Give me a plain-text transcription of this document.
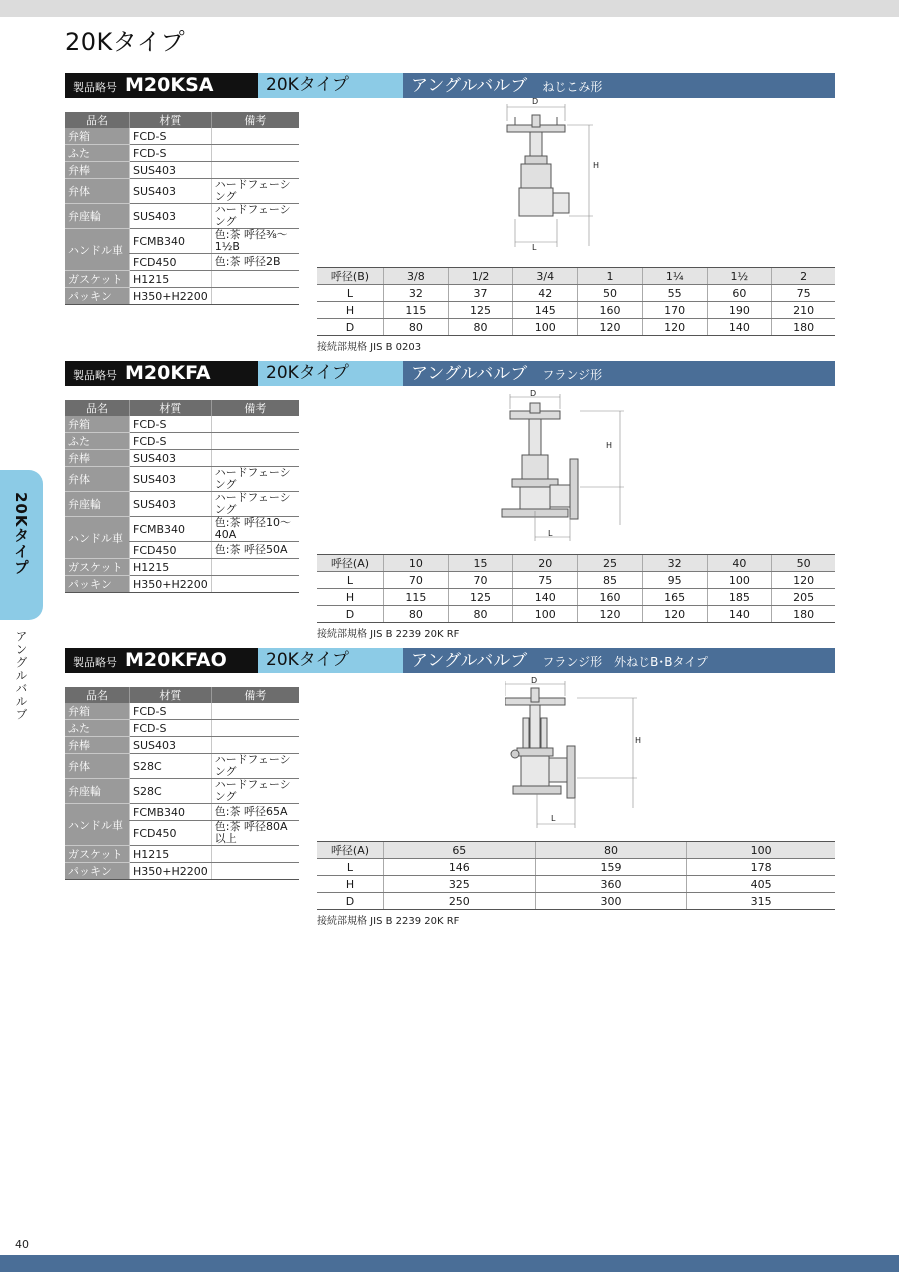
20Kタイプ
20Kタイプ
アングルバルブ
製品略号 M20KSA	20Kタイプ	アングルバルブ ねじこみ形
品名	材質	備考
弁箱	FCD-S	
ふた	FCD-S	
弁棒	SUS403	
弁体	SUS403	ハードフェーシング
弁座輪	SUS403	ハードフェーシング
ハンドル車	FCMB340	色:茶 呼径⅜～1½B
	FCD450	色:茶 呼径2B
ガスケット	H1215	
パッキン	H350+H2200	
D
H
L
呼径(B)	3/8	1/2	3/4	1	1¼	1½	2
L	32	37	42	50	55	60	75
H	115	125	145	160	170	190	210
D	80	80	100	120	120	140	180
接続部規格 JIS B 0203
製品略号 M20KFA	20Kタイプ	アングルバルブ フランジ形
品名	材質	備考
弁箱	FCD-S	
ふた	FCD-S	
弁棒	SUS403	
弁体	SUS403	ハードフェーシング
弁座輪	SUS403	ハードフェーシング
ハンドル車	FCMB340	色:茶 呼径10～40A
	FCD450	色:茶 呼径50A
ガスケット	H1215	
パッキン	H350+H2200	
D
H
L
呼径(A)	10	15	20	25	32	40	50
L	70	70	75	85	95	100	120
H	115	125	140	160	165	185	205
D	80	80	100	120	120	140	180
接続部規格 JIS B 2239 20K RF
製品略号 M20KFAO	20Kタイプ	アングルバルブ フランジ形　外ねじB･Bタイプ
品名	材質	備考
弁箱	FCD-S	
ふた	FCD-S	
弁棒	SUS403	
弁体	S28C	ハードフェーシング
弁座輪	S28C	ハードフェーシング
ハンドル車	FCMB340	色:茶 呼径65A
	FCD450	色:茶 呼径80A以上
ガスケット	H1215	
パッキン	H350+H2200	
D
H
L
呼径(A)	65	80	100
L	146	159	178
H	325	360	405
D	250	300	315
接続部規格 JIS B 2239 20K RF
40
